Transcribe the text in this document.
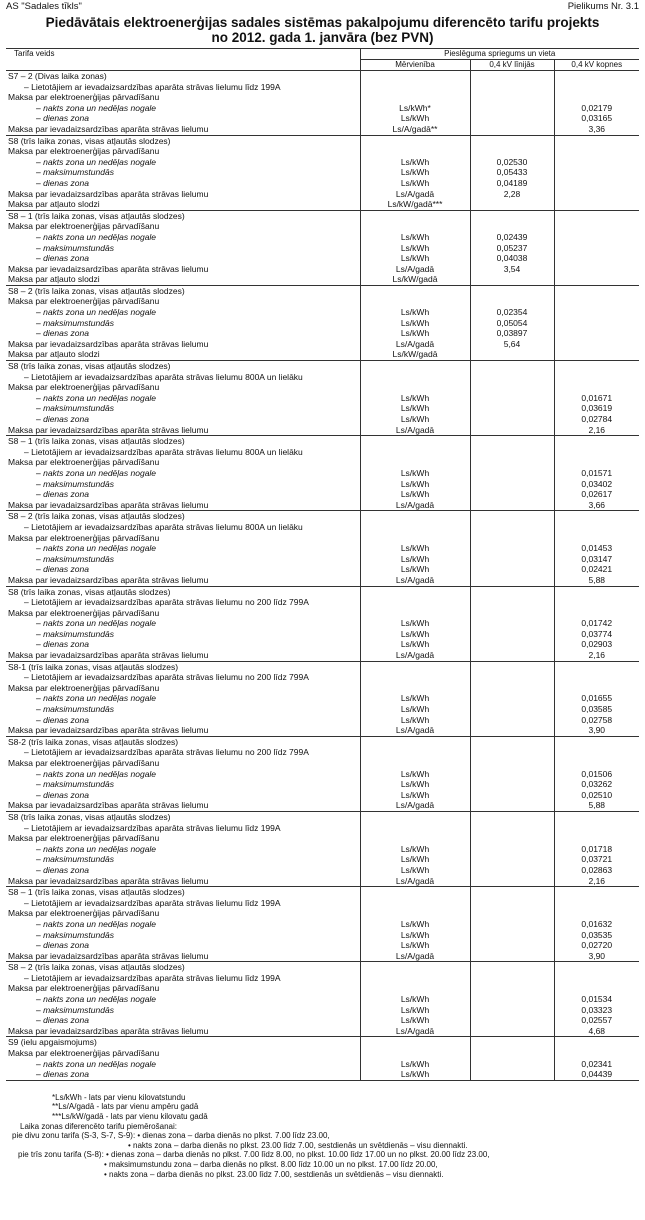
AS "Sadales tīkls"	Pielikums Nr. 3.1
Piedāvātais elektroenerģijas sadales sistēmas pakalpojumu diferencēto tarifu projekts
no 2012. gada 1. janvāra (bez PVN)
Tarifa veids	Pieslēguma spriegums un vieta		
	Mērvienība	0,4 kV līnijās	0,4 kV kopnes
S7 – 2 (Divas laika zonas)			
– Lietotājiem ar ievadaizsardzības aparāta strāvas lielumu līdz 199A			
Maksa par elektroenerģijas pārvadīšanu			
– nakts zona un nedēļas nogale	Ls/kWh*		0,02179
– dienas zona	Ls/kWh		0,03165
Maksa par ievadaizsardzības aparāta strāvas lielumu	Ls/A/gadā**		3,36
S8 (trīs laika zonas, visas atļautās slodzes)			
Maksa par elektroenerģijas pārvadīšanu			
– nakts zona un nedēļas nogale	Ls/kWh	0,02530	
– maksimumstundās	Ls/kWh	0,05433	
– dienas zona	Ls/kWh	0,04189	
Maksa par ievadaizsardzības aparāta strāvas lielumu	Ls/A/gadā	2,28	
Maksa par atļauto slodzi	Ls/kW/gadā***		
S8 – 1 (trīs laika zonas, visas atļautās slodzes)			
Maksa par elektroenerģijas pārvadīšanu			
– nakts zona un nedēļas nogale	Ls/kWh	0,02439	
– maksimumstundās	Ls/kWh	0,05237	
– dienas zona	Ls/kWh	0,04038	
Maksa par ievadaizsardzības aparāta strāvas lielumu	Ls/A/gadā	3,54	
Maksa par atļauto slodzi	Ls/kW/gadā		
S8 – 2 (trīs laika zonas, visas atļautās slodzes)			
Maksa par elektroenerģijas pārvadīšanu			
– nakts zona un nedēļas nogale	Ls/kWh	0,02354	
– maksimumstundās	Ls/kWh	0,05054	
– dienas zona	Ls/kWh	0,03897	
Maksa par ievadaizsardzības aparāta strāvas lielumu	Ls/A/gadā	5,64	
Maksa par atļauto slodzi	Ls/kW/gadā		
S8 (trīs laika zonas, visas atļautās slodzes)			
– Lietotājiem ar ievadaizsardzības aparāta strāvas lielumu 800A un lielāku			
Maksa par elektroenerģijas pārvadīšanu			
– nakts zona un nedēļas nogale	Ls/kWh		0,01671
– maksimumstundās	Ls/kWh		0,03619
– dienas zona	Ls/kWh		0,02784
Maksa par ievadaizsardzības aparāta strāvas lielumu	Ls/A/gadā		2,16
S8 – 1 (trīs laika zonas, visas atļautās slodzes)			
– Lietotājiem ar ievadaizsardzības aparāta strāvas lielumu 800A un lielāku			
Maksa par elektroenerģijas pārvadīšanu			
– nakts zona un nedēļas nogale	Ls/kWh		0,01571
– maksimumstundās	Ls/kWh		0,03402
– dienas zona	Ls/kWh		0,02617
Maksa par ievadaizsardzības aparāta strāvas lielumu	Ls/A/gadā		3,66
S8 – 2 (trīs laika zonas, visas atļautās slodzes)			
– Lietotājiem ar ievadaizsardzības aparāta strāvas lielumu 800A un lielāku			
Maksa par elektroenerģijas pārvadīšanu			
– nakts zona un nedēļas nogale	Ls/kWh		0,01453
– maksimumstundās	Ls/kWh		0,03147
– dienas zona	Ls/kWh		0,02421
Maksa par ievadaizsardzības aparāta strāvas lielumu	Ls/A/gadā		5,88
S8 (trīs laika zonas, visas atļautās slodzes)			
– Lietotājiem ar ievadaizsardzības aparāta strāvas lielumu no 200 līdz 799A			
Maksa par elektroenerģijas pārvadīšanu			
– nakts zona un nedēļas nogale	Ls/kWh		0,01742
– maksimumstundās	Ls/kWh		0,03774
– dienas zona	Ls/kWh		0,02903
Maksa par ievadaizsardzības aparāta strāvas lielumu	Ls/A/gadā		2,16
S8-1 (trīs laika zonas, visas atļautās slodzes)			
– Lietotājiem ar ievadaizsardzības aparāta strāvas lielumu no 200 līdz 799A			
Maksa par elektroenerģijas pārvadīšanu			
– nakts zona un nedēļas nogale	Ls/kWh		0,01655
– maksimumstundās	Ls/kWh		0,03585
– dienas zona	Ls/kWh		0,02758
Maksa par ievadaizsardzības aparāta strāvas lielumu	Ls/A/gadā		3,90
S8-2 (trīs laika zonas, visas atļautās slodzes)			
– Lietotājiem ar ievadaizsardzības aparāta strāvas lielumu no 200 līdz 799A			
Maksa par elektroenerģijas pārvadīšanu			
– nakts zona un nedēļas nogale	Ls/kWh		0,01506
– maksimumstundās	Ls/kWh		0,03262
– dienas zona	Ls/kWh		0,02510
Maksa par ievadaizsardzības aparāta strāvas lielumu	Ls/A/gadā		5,88
S8 (trīs laika zonas, visas atļautās slodzes)			
– Lietotājiem ar ievadaizsardzības aparāta strāvas lielumu līdz 199A			
Maksa par elektroenerģijas pārvadīšanu			
– nakts zona un nedēļas nogale	Ls/kWh		0,01718
– maksimumstundās	Ls/kWh		0,03721
– dienas zona	Ls/kWh		0,02863
Maksa par ievadaizsardzības aparāta strāvas lielumu	Ls/A/gadā		2,16
S8 – 1 (trīs laika zonas, visas atļautās slodzes)			
– Lietotājiem ar ievadaizsardzības aparāta strāvas lielumu līdz 199A			
Maksa par elektroenerģijas pārvadīšanu			
– nakts zona un nedēļas nogale	Ls/kWh		0,01632
– maksimumstundās	Ls/kWh		0,03535
– dienas zona	Ls/kWh		0,02720
Maksa par ievadaizsardzības aparāta strāvas lielumu	Ls/A/gadā		3,90
S8 – 2 (trīs laika zonas, visas atļautās slodzes)			
– Lietotājiem ar ievadaizsardzības aparāta strāvas lielumu līdz 199A			
Maksa par elektroenerģijas pārvadīšanu			
– nakts zona un nedēļas nogale	Ls/kWh		0,01534
– maksimumstundās	Ls/kWh		0,03323
– dienas zona	Ls/kWh		0,02557
Maksa par ievadaizsardzības aparāta strāvas lielumu	Ls/A/gadā		4,68
S9 (ielu apgaismojums)			
Maksa par elektroenerģijas pārvadīšanu			
– nakts zona un nedēļas nogale	Ls/kWh		0,02341
– dienas zona	Ls/kWh		0,04439
*Ls/kWh - lats par vienu kilovatstundu
**Ls/A/gadā - lats par vienu ampēru gadā
***Ls/kW/gadā - lats par vienu kilovatu gadā
Laika zonas diferencēto tarifu piemērošanai:
pie divu zonu tarifa (S-3, S-7, S-9): • dienas zona – darba dienās no plkst. 7.00 līdz 23.00,
• nakts zona – darba dienās no plkst. 23.00 līdz 7.00, sestdienās un svētdienās – visu diennakti.
pie trīs zonu tarifa (S-8): • dienas zona – darba dienās no plkst. 7.00 līdz 8.00, no plkst. 10.00 līdz 17.00 un no plkst. 20.00 līdz 23.00,
• maksimumstundu zona – darba dienās no plkst. 8.00 līdz 10.00 un no plkst. 17.00 līdz 20.00,
• nakts zona – darba dienās no plkst. 23.00 līdz 7.00, sestdienās un svētdienās – visu diennakti.
